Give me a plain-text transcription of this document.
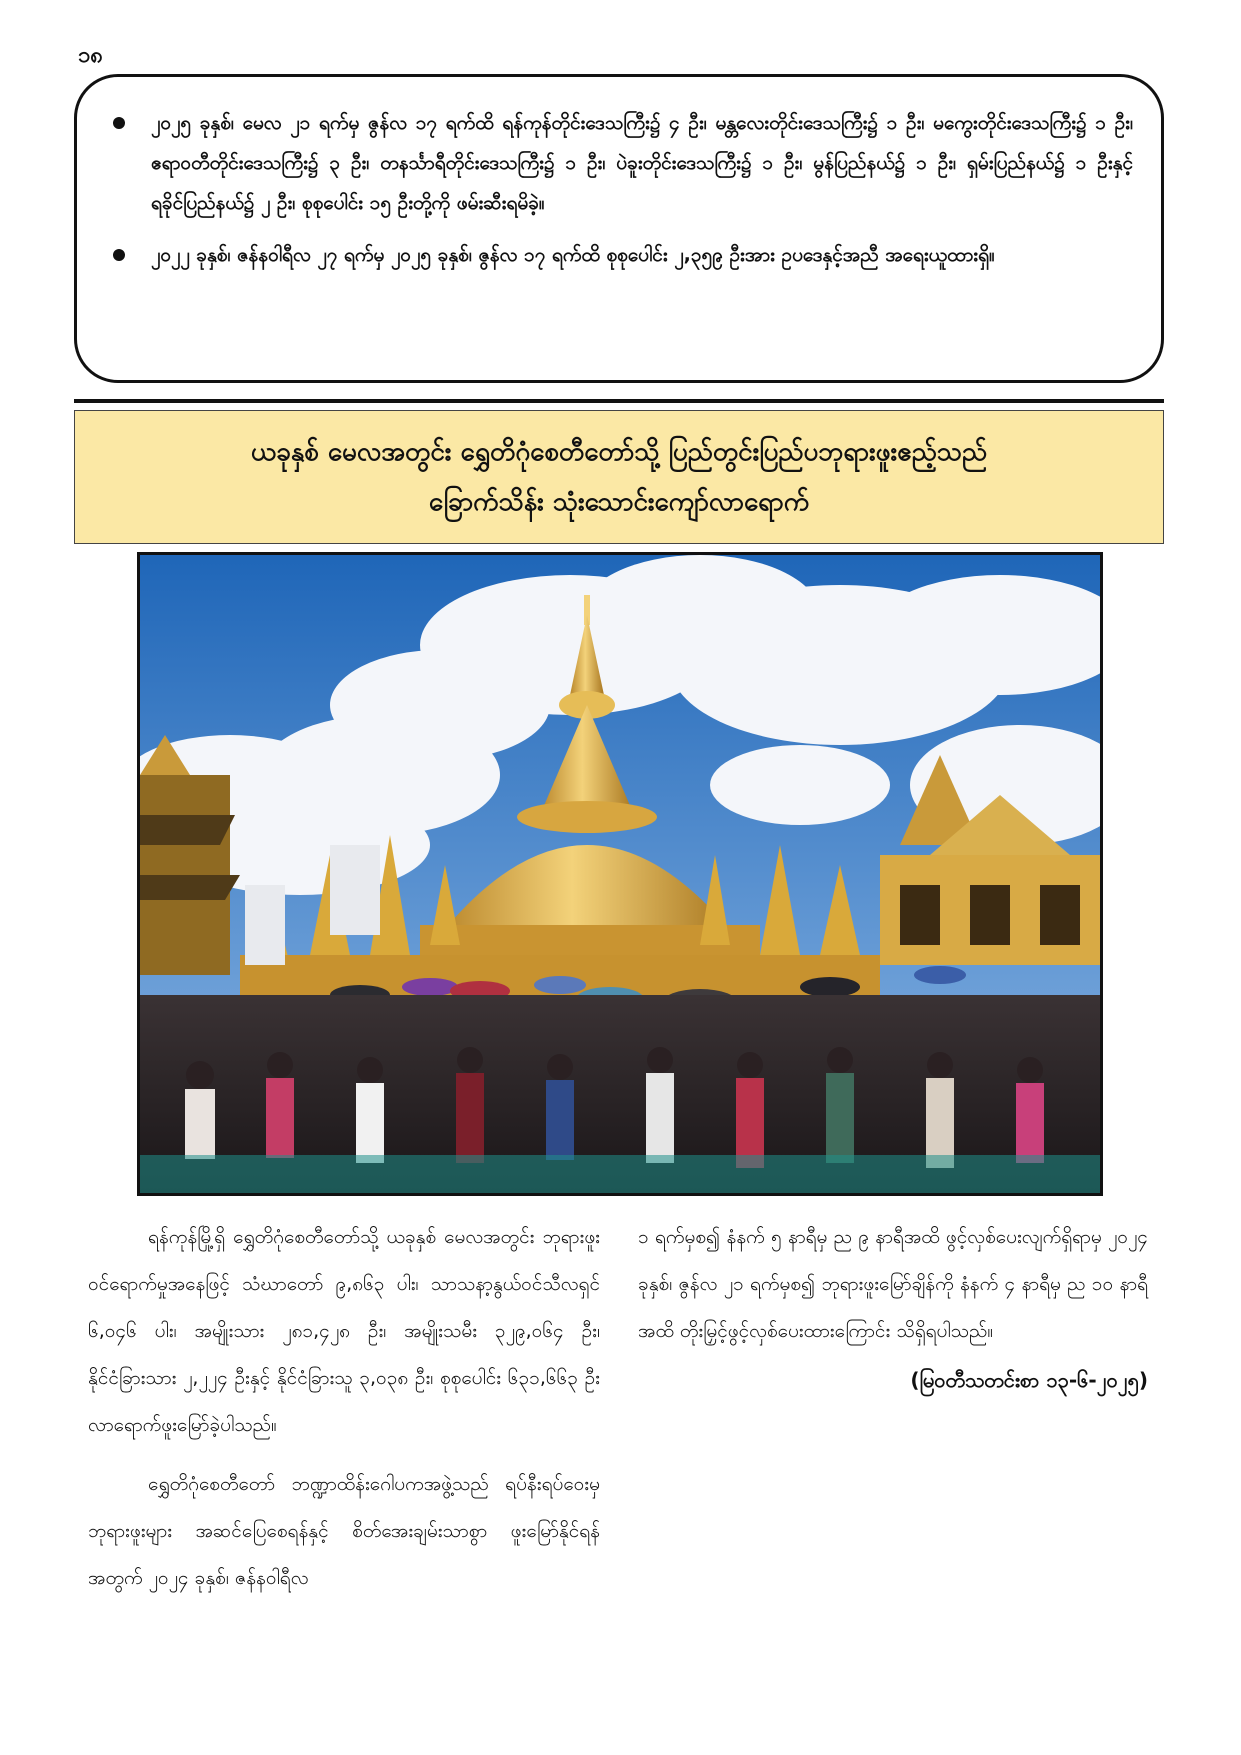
၁၈
၂၀၂၅ ခုနှစ်၊ မေလ ၂၁ ရက်မှ ဇွန်လ ၁၇ ရက်ထိ ရန်ကုန်တိုင်းဒေသကြီး၌ ၄ ဦး၊ မန္တလေးတိုင်းဒေသကြီး၌ ၁ ဦး၊ မကွေးတိုင်းဒေသကြီး၌ ၁ ဦး၊ ဧရာဝတီတိုင်းဒေသကြီး၌ ၃ ဦး၊ တနင်္သာရီတိုင်းဒေသကြီး၌ ၁ ဦး၊ ပဲခူးတိုင်းဒေသကြီး၌ ၁ ဦး၊ မွန်ပြည်နယ်၌ ၁ ဦး၊ ရှမ်းပြည်နယ်၌ ၁ ဦးနှင့် ရခိုင်ပြည်နယ်၌ ၂ ဦး၊ စုစုပေါင်း ၁၅ ဦးတို့ကို ဖမ်းဆီးရမိခဲ့။
၂၀၂၂ ခုနှစ်၊ ဇန်နဝါရီလ ၂၇ ရက်မှ ၂၀၂၅ ခုနှစ်၊ ဇွန်လ ၁၇ ရက်ထိ စုစုပေါင်း ၂,၃၅၉ ဦးအား ဥပဒေနှင့်အညီ အရေးယူထားရှိ။
ယခုနှစ် မေလအတွင်း ရွှေတိဂုံစေတီတော်သို့ ပြည်တွင်းပြည်ပဘုရားဖူးဧည့်သည်
ခြောက်သိန်း သုံးသောင်းကျော်လာရောက်

ရန်ကုန်မြို့ရှိ ရွှေတိဂုံစေတီတော်သို့ ယခုနှစ် မေလအတွင်း ဘုရားဖူးဝင်ရောက်မှုအနေဖြင့် သံဃာတော် ၉,၈၆၃ ပါး၊ သာသနာ့နွယ်ဝင်သီလရှင် ၆,၀၄၆ ပါး၊ အမျိုးသား ၂၈၁,၄၂၈ ဦး၊ အမျိုးသမီး ၃၂၉,၀၆၄ ဦး၊ နိုင်ငံခြားသား ၂,၂၂၄ ဦးနှင့် နိုင်ငံခြားသူ ၃,၀၃၈ ဦး၊ စုစုပေါင်း ၆၃၁,၆၆၃ ဦး လာရောက်ဖူးမြော်ခဲ့ပါသည်။

ရွှေတိဂုံစေတီတော် ဘဏ္ဍာထိန်းဂေါပကအဖွဲ့သည် ရပ်နီးရပ်ဝေးမှ ဘုရားဖူးများ အဆင်ပြေစေရန်နှင့် စိတ်အေးချမ်းသာစွာ ဖူးမြော်နိုင်ရန်အတွက် ၂၀၂၄ ခုနှစ်၊ ဇန်နဝါရီလ

၁ ရက်မှစ၍ နံနက် ၅ နာရီမှ ည ၉ နာရီအထိ ဖွင့်လှစ်ပေးလျက်ရှိရာမှ ၂၀၂၄ ခုနှစ်၊ ဇွန်လ ၂၁ ရက်မှစ၍ ဘုရားဖူးမြော်ချိန်ကို နံနက် ၄ နာရီမှ ည ၁၀ နာရီအထိ တိုးမြှင့်ဖွင့်လှစ်ပေးထားကြောင်း သိရှိရပါသည်။

(မြဝတီသတင်းစာ ၁၃-၆-၂၀၂၅)
